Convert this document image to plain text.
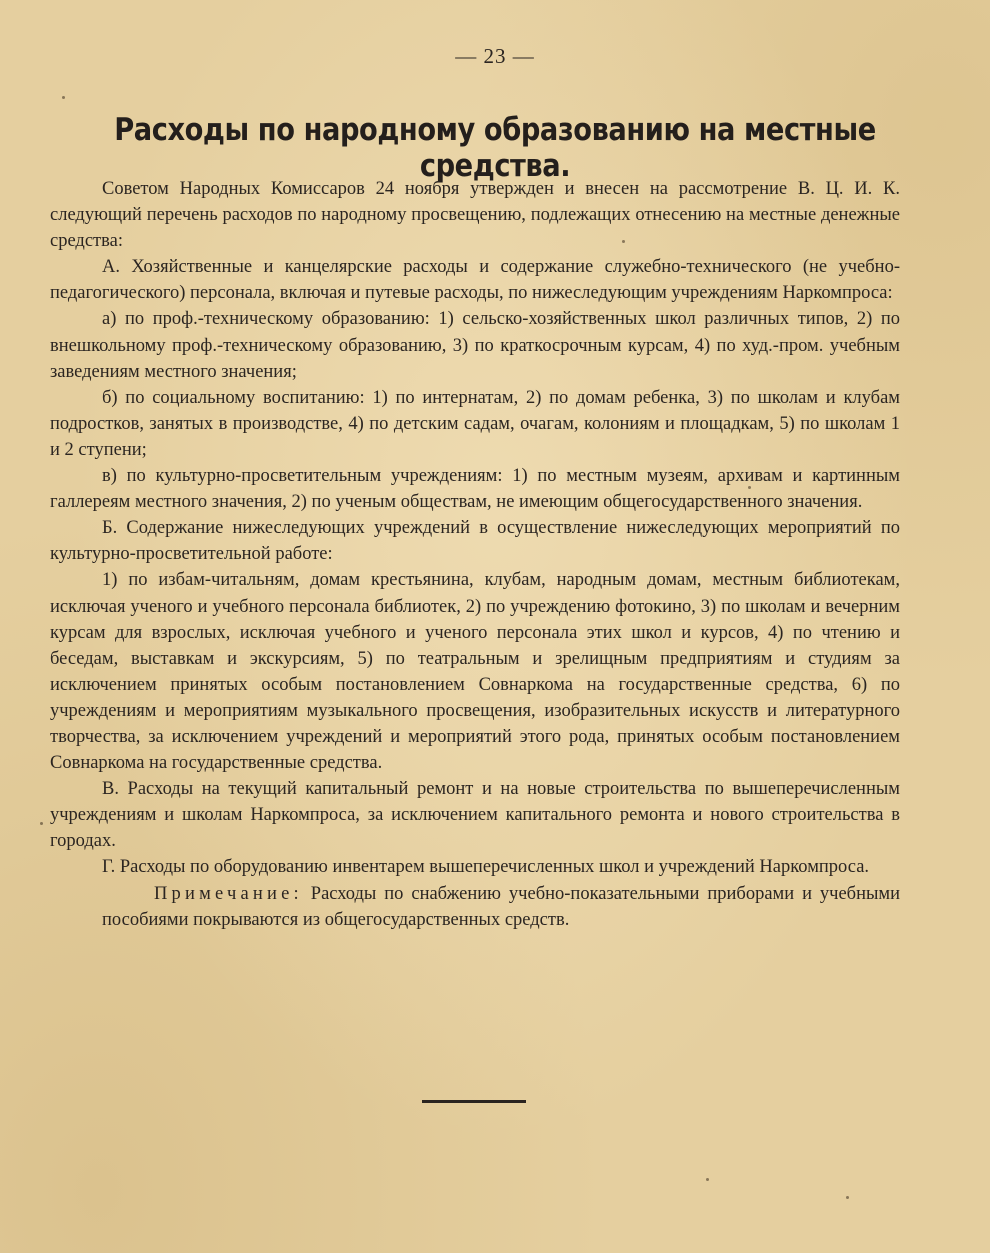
— 23 —
Расходы по народному образованию на местные средства.

Советом Народных Комиссаров 24 ноября утвержден и внесен на рассмотрение В. Ц. И. К. следующий перечень расходов по народному просвещению, подлежащих отнесению на местные денежные средства:

А. Хозяйственные и канцелярские расходы и содержание служебно-технического (не учебно-педагогического) персонала, включая и путевые расходы, по нижеследующим учреждениям Наркомпроса:

а) по проф.-техническому образованию: 1) сельско-хозяйственных школ различных типов, 2) по внешкольному проф.-техническому образованию, 3) по краткосрочным курсам, 4) по худ.-пром. учебным заведениям местного значения;

б) по социальному воспитанию: 1) по интернатам, 2) по домам ребенка, 3) по школам и клубам подростков, занятых в производстве, 4) по детским садам, очагам, колониям и площадкам, 5) по школам 1 и 2 ступени;

в) по культурно-просветительным учреждениям: 1) по местным музеям, архивам и картинным галлереям местного значения, 2) по ученым обществам, не имеющим общегосударственного значения.

Б. Содержание нижеследующих учреждений в осуществление нижеследующих мероприятий по культурно-просветительной работе:

1) по избам-читальням, домам крестьянина, клубам, народным домам, местным библиотекам, исключая ученого и учебного персонала библиотек, 2) по учреждению фотокино, 3) по школам и вечерним курсам для взрослых, исключая учебного и ученого персонала этих школ и курсов, 4) по чтению и беседам, выставкам и экскурсиям, 5) по театральным и зрелищным предприятиям и студиям за исключением принятых особым постановлением Совнаркома на государственные средства, 6) по учреждениям и мероприятиям музыкального просвещения, изобразительных искусств и литературного творчества, за исключением учреждений и мероприятий этого рода, принятых особым постановлением Совнаркома на государственные средства.

В. Расходы на текущий капитальный ремонт и на новые строительства по вышеперечисленным учреждениям и школам Наркомпроса, за исключением капитального ремонта и нового строительства в городах.

Г. Расходы по оборудованию инвентарем вышеперечисленных школ и учреждений Наркомпроса.

Примечание: Расходы по снабжению учебно-показательными приборами и учебными пособиями покрываются из общегосударственных средств.
